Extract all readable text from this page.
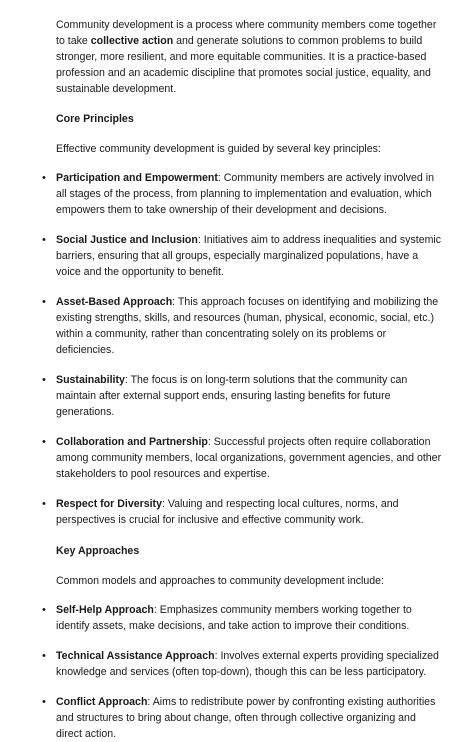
Community development is a process where community members come together to take collective action and generate solutions to common problems to build stronger, more resilient, and more equitable communities. It is a practice-based profession and an academic discipline that promotes social justice, equality, and sustainable development.

Core Principles

Effective community development is guided by several key principles:

• Participation and Empowerment: Community members are actively involved in all stages of the process, from planning to implementation and evaluation, which empowers them to take ownership of their development and decisions.
• Social Justice and Inclusion: Initiatives aim to address inequalities and systemic barriers, ensuring that all groups, especially marginalized populations, have a voice and the opportunity to benefit.
• Asset-Based Approach: This approach focuses on identifying and mobilizing the existing strengths, skills, and resources (human, physical, economic, social, etc.) within a community, rather than concentrating solely on its problems or deficiencies.
• Sustainability: The focus is on long-term solutions that the community can maintain after external support ends, ensuring lasting benefits for future generations.
• Collaboration and Partnership: Successful projects often require collaboration among community members, local organizations, government agencies, and other stakeholders to pool resources and expertise.
• Respect for Diversity: Valuing and respecting local cultures, norms, and perspectives is crucial for inclusive and effective community work.

Key Approaches

Common models and approaches to community development include:

• Self-Help Approach: Emphasizes community members working together to identify assets, make decisions, and take action to improve their conditions.
• Technical Assistance Approach: Involves external experts providing specialized knowledge and services (often top-down), though this can be less participatory.
• Conflict Approach: Aims to redistribute power by confronting existing authorities and structures to bring about change, often through collective organizing and direct action.
